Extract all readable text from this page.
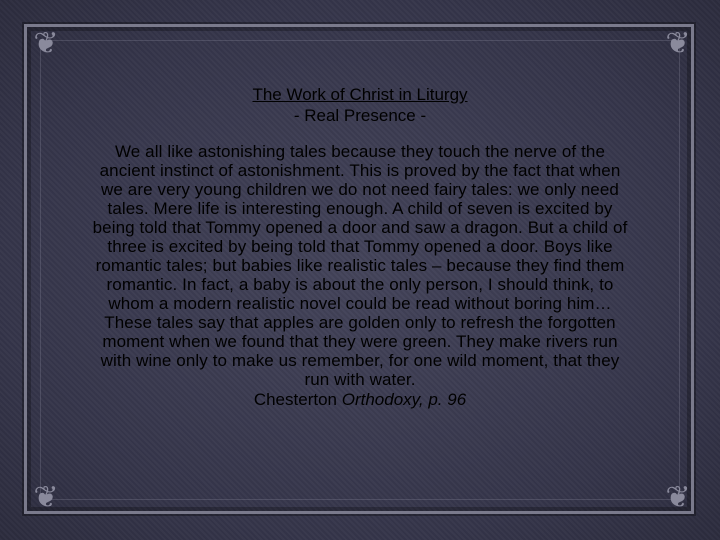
❦	❦
❦	❦

The Work of Christ in Liturgy

- Real Presence -

We all like astonishing tales because they touch the nerve of the ancient instinct of astonishment. This is proved by the fact that when we are very young children we do not need fairy tales: we only need tales. Mere life is interesting enough. A child of seven is excited by being told that Tommy opened a door and saw a dragon. But a child of three is excited by being told that Tommy opened a door. Boys like romantic tales; but babies like realistic tales – because they find them romantic. In fact, a baby is about the only person, I should think, to whom a modern realistic novel could be read without boring him…These tales say that apples are golden only to refresh the forgotten moment when we found that they were green. They make rivers run with wine only to make us remember, for one wild moment, that they run with water.

Chesterton Orthodoxy, p. 96
